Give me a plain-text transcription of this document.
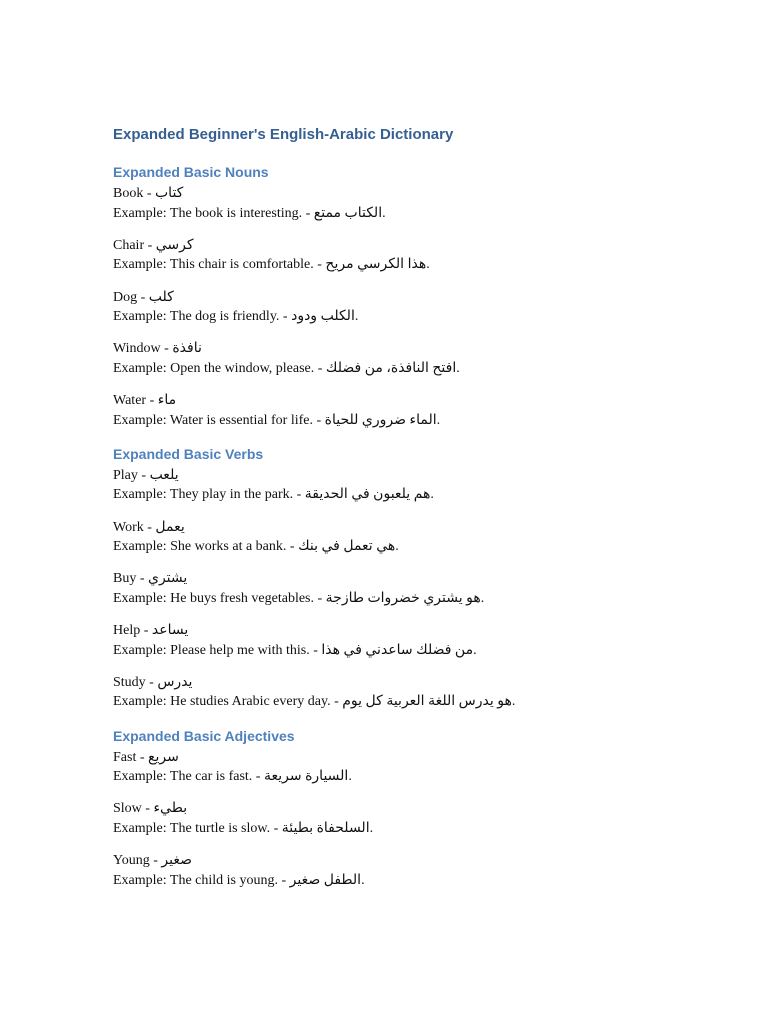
Expanded Beginner's English-Arabic Dictionary
Expanded Basic Nouns
Book - كتاب
Example: The book is interesting. - الكتاب ممتع.
Chair - كرسي
Example: This chair is comfortable. - هذا الكرسي مريح.
Dog - كلب
Example: The dog is friendly. - الكلب ودود.
Window - نافذة
Example: Open the window, please. - افتح النافذة، من فضلك.
Water - ماء
Example: Water is essential for life. - الماء ضروري للحياة.
Expanded Basic Verbs
Play - يلعب
Example: They play in the park. - هم يلعبون في الحديقة.
Work - يعمل
Example: She works at a bank. - هي تعمل في بنك.
Buy - يشتري
Example: He buys fresh vegetables. - هو يشتري خضروات طازجة.
Help - يساعد
Example: Please help me with this. - من فضلك ساعدني في هذا.
Study - يدرس
Example: He studies Arabic every day. - هو يدرس اللغة العربية كل يوم.
Expanded Basic Adjectives
Fast - سريع
Example: The car is fast. - السيارة سريعة.
Slow - بطيء
Example: The turtle is slow. - السلحفاة بطيئة.
Young - صغير
Example: The child is young. - الطفل صغير.
